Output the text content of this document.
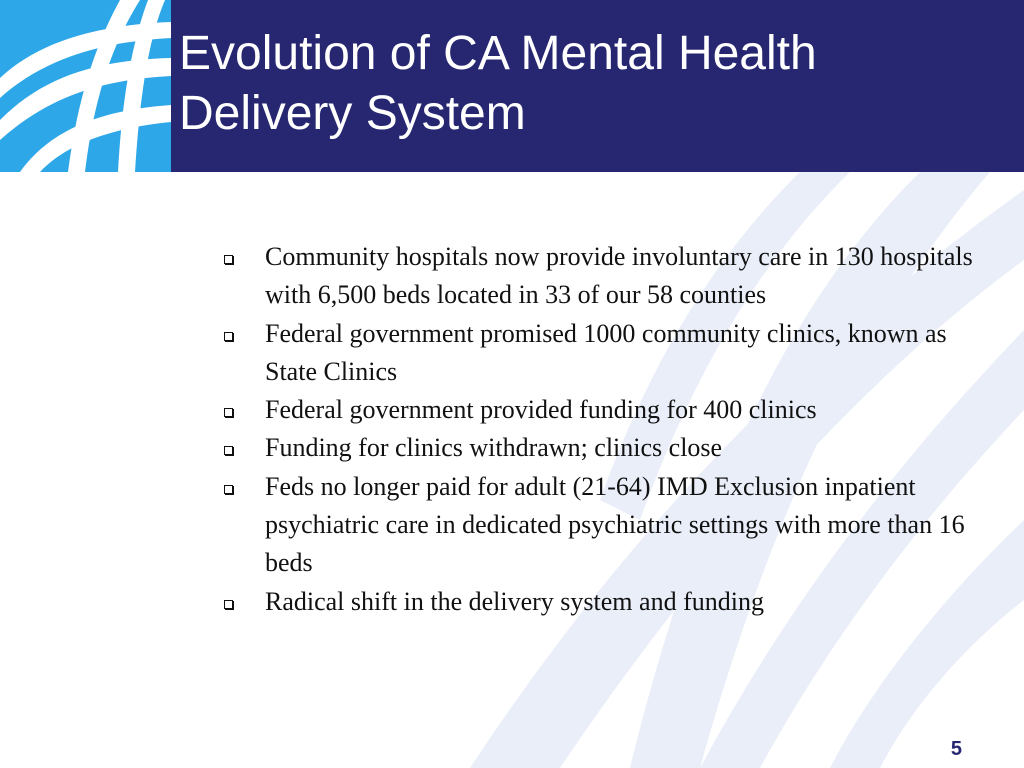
Evolution of CA Mental Health Delivery System
Community hospitals now provide involuntary care in 130 hospitals with 6,500 beds located in 33 of our 58 counties
Federal government promised 1000 community clinics, known as State Clinics
Federal government provided funding for 400 clinics
Funding for clinics withdrawn; clinics close
Feds no longer paid for adult (21-64) IMD Exclusion inpatient psychiatric care in dedicated psychiatric settings with more than 16 beds
Radical shift in the delivery system and funding
5
